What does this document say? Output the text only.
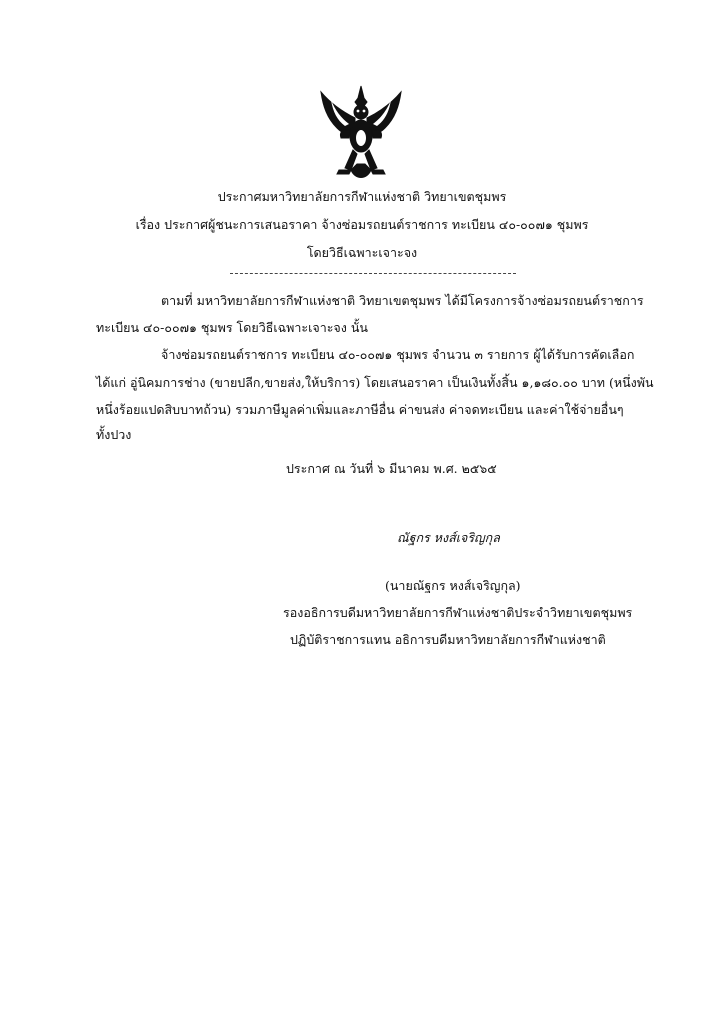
ประกาศมหาวิทยาลัยการกีฬาแห่งชาติ วิทยาเขตชุมพร
เรื่อง ประกาศผู้ชนะการเสนอราคา จ้างซ่อมรถยนต์ราชการ ทะเบียน ๔๐-๐๐๗๑ ชุมพร
โดยวิธีเฉพาะเจาะจง
ตามที่ มหาวิทยาลัยการกีฬาแห่งชาติ วิทยาเขตชุมพร ได้มีโครงการจ้างซ่อมรถยนต์ราชการ
ทะเบียน ๔๐-๐๐๗๑ ชุมพร โดยวิธีเฉพาะเจาะจง นั้น
จ้างซ่อมรถยนต์ราชการ ทะเบียน ๔๐-๐๐๗๑ ชุมพร จำนวน ๓ รายการ ผู้ได้รับการคัดเลือก
ได้แก่ อู่นิคมการช่าง (ขายปลีก,ขายส่ง,ให้บริการ) โดยเสนอราคา เป็นเงินทั้งสิ้น ๑,๑๘๐.๐๐ บาท (หนึ่งพัน
หนึ่งร้อยแปดสิบบาทถ้วน) รวมภาษีมูลค่าเพิ่มและภาษีอื่น ค่าขนส่ง ค่าจดทะเบียน และค่าใช้จ่ายอื่นๆ
ทั้งปวง
ประกาศ ณ วันที่ ๖ มีนาคม พ.ศ. ๒๕๖๕
ณัฐกร หงส์เจริญกุล
(นายณัฐกร หงส์เจริญกุล)
รองอธิการบดีมหาวิทยาลัยการกีฬาแห่งชาติประจำวิทยาเขตชุมพร
ปฏิบัติราชการแทน อธิการบดีมหาวิทยาลัยการกีฬาแห่งชาติ
